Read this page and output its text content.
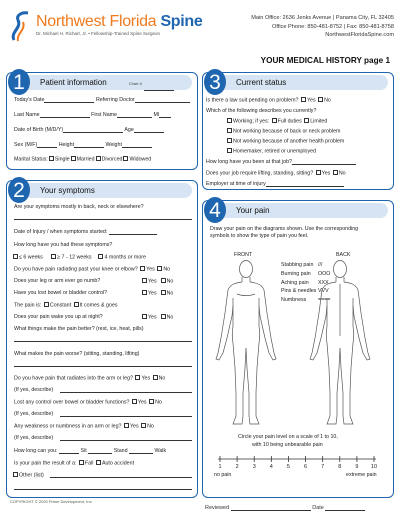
Northwest Florida Spine
Dr. Michael H. Richart, Jr. • Fellowship-Trained Spine Surgeon
Main Office: 2636 Jenks Avenue | Panama City, FL 32405
Office Phone: 850-481-8752 | Fax: 850-481-8758
NorthwestFloridaSpine.com
YOUR MEDICAL HISTORY page 1
Patient information	Chart #
1
Today's Date	Referring Doctor
Last Name	First Name	MI
Date of Birth (M/D/Y)	Age
Sex (M/F)	Height	Weight
Marital Status: Single Married Divorced Widowed
Your symptoms
2
Are your symptoms mostly in back, neck or elsewhere?
Date of Injury / when symptoms started:
How long have you had these symptoms?
≤ 6 weeks	≥ 7 - 12 weeks 4 months or more
Do you have pain radiating past your knee or elbow? Yes No
Does your leg or arm ever go numb?	Yes No
Have you lost bowel or bladder control?	Yes No
The pain is: Constant It comes & goes
Does your pain wake you up at night?	Yes No
What things make the pain better? (rest, ice, heat, pills)
What makes the pain worse? (sitting, standing, lifting)
Do you have pain that radiates into the arm or leg? Yes No
(If yes, describe)
Lost any control over bowel or bladder functions? Yes No
(If yes, describe)
Any weakness or numbness in an arm or leg? Yes No
(If yes, describe)
How long can you:	Sit	Stand	Walk
Is your pain the result of a: Fall Auto accident
Other (list)
Current status
3
Is there a law suit pending on problem? Yes No
Which of the following describes you currently?
Working; if yes: Full duties Limited
Not working because of back or neck problem
Not working because of another health problem
Homemaker, retired or unemployed
How long have you been at that job?
Does your job require lifting, standing, sitting? Yes No
Employer at time of injury
Your pain
4
Draw your pain on the diagrams shown. Use the corresponding
symbols to show the type of pain you feel.
FRONT	BACK
Stabbing pain ///
Burning pain OOO
Aching pain XXX
Pins & needles VVV
Numbness ====
Circle your pain level on a scale of 1 to 10,
with 10 being unbearable pain
1	2	3	4	5	6	7	8	9 10
no pain	extreme pain
COPYRIGHT © 2020 Prime Development, Inc.
Reviewed	Date
